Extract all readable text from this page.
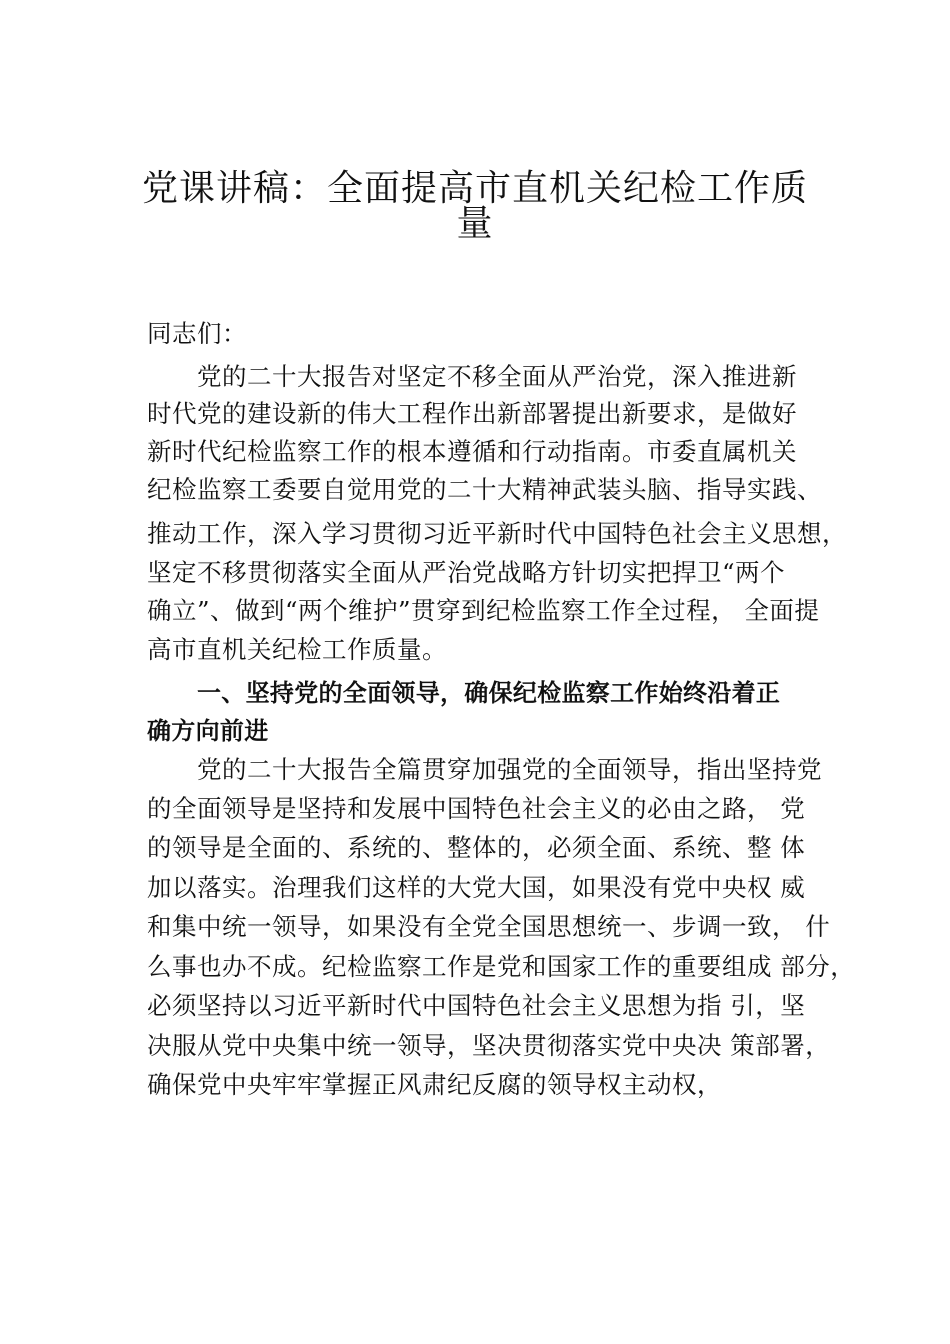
党课讲稿：全面提高市直机关纪检工作质
量
同志们：
党的二十大报告对坚定不移全面从严治党，深入推进新
时代党的建设新的伟大工程作出新部署提出新要求，是做好
新时代纪检监察工作的根本遵循和行动指南。市委直属机关
纪检监察工委要自觉用党的二十大精神武装头脑、指导实践、
推动工作，深入学习贯彻习近平新时代中国特色社会主义思想，
坚定不移贯彻落实全面从严治党战略方针切实把捍卫“两个
确立”、做到“两个维护”贯穿到纪检监察工作全过程， 全面提
高市直机关纪检工作质量。
一、坚持党的全面领导，确保纪检监察工作始终沿着正
确方向前进
党的二十大报告全篇贯穿加强党的全面领导，指出坚持党
的全面领导是坚持和发展中国特色社会主义的必由之路， 党
的领导是全面的、系统的、整体的，必须全面、系统、整 体
加以落实。治理我们这样的大党大国，如果没有党中央权 威
和集中统一领导，如果没有全党全国思想统一、步调一致， 什
么事也办不成。纪检监察工作是党和国家工作的重要组成 部分，
必须坚持以习近平新时代中国特色社会主义思想为指 引，坚
决服从党中央集中统一领导，坚决贯彻落实党中央决 策部署，
确保党中央牢牢掌握正风肃纪反腐的领导权主动权，
